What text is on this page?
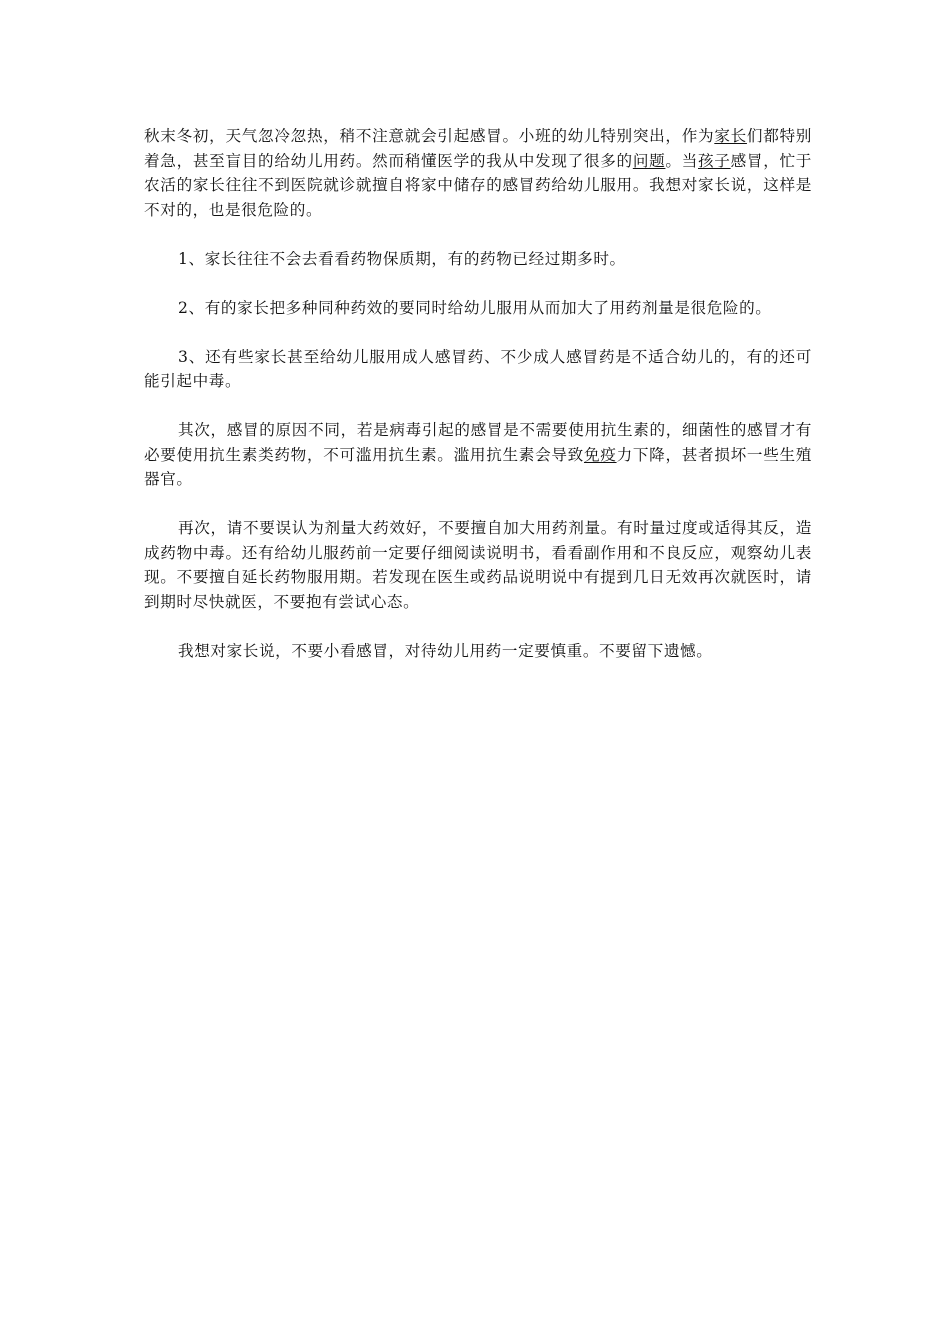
秋末冬初，天气忽冷忽热，稍不注意就会引起感冒。小班的幼儿特别突出，作为家长们都特别着急，甚至盲目的给幼儿用药。然而稍懂医学的我从中发现了很多的问题。当孩子感冒，忙于农活的家长往往不到医院就诊就擅自将家中储存的感冒药给幼儿服用。我想对家长说，这样是不对的，也是很危险的。

1、家长往往不会去看看药物保质期，有的药物已经过期多时。

2、有的家长把多种同种药效的要同时给幼儿服用从而加大了用药剂量是很危险的。

3、还有些家长甚至给幼儿服用成人感冒药、不少成人感冒药是不适合幼儿的，有的还可能引起中毒。

其次，感冒的原因不同，若是病毒引起的感冒是不需要使用抗生素的，细菌性的感冒才有必要使用抗生素类药物，不可滥用抗生素。滥用抗生素会导致免疫力下降，甚者损坏一些生殖器官。

再次，请不要误认为剂量大药效好，不要擅自加大用药剂量。有时量过度或适得其反，造成药物中毒。还有给幼儿服药前一定要仔细阅读说明书，看看副作用和不良反应，观察幼儿表现。不要擅自延长药物服用期。若发现在医生或药品说明说中有提到几日无效再次就医时，请到期时尽快就医，不要抱有尝试心态。

我想对家长说，不要小看感冒，对待幼儿用药一定要慎重。不要留下遗憾。
